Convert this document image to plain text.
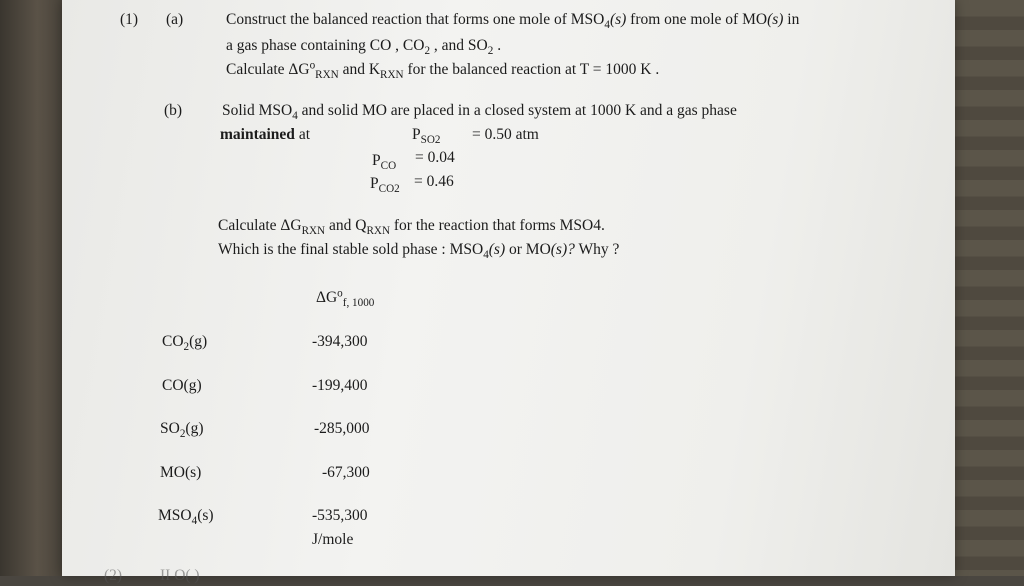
(1) (a)	Construct the balanced reaction that forms one mole of $MSO_4(s)$ from one mole of MO(s) in
a gas phase containing CO , $CO_2$ , and $SO_2$ .
Calculate $\Delta G^o_{RXN}$ and $K_{RXN}$ for the balanced reaction at T = 1000 K .
(b)	Solid $MSO_4$ and solid MO are placed in a closed system at 1000 K and a gas phase
maintained at	$P_{SO2} = 0.50$ atm
$P_{CO} = 0.04$
$P_{CO2} = 0.46$
Calculate $\Delta G_{RXN}$ and $Q_{RXN}$ for the reaction that forms MSO4.
Which is the final stable sold phase : $MSO_4(s)$ or MO(s)? Why ?
$\Delta G^o_{f, 1000}$
$CO_2(g)$	-394,300
CO(g)	-199,400
$SO_2(g)$	-285,000
MO(s)	-67,300
$MSO_4(s)$	-535,300
J/mole
(2) II O( )
